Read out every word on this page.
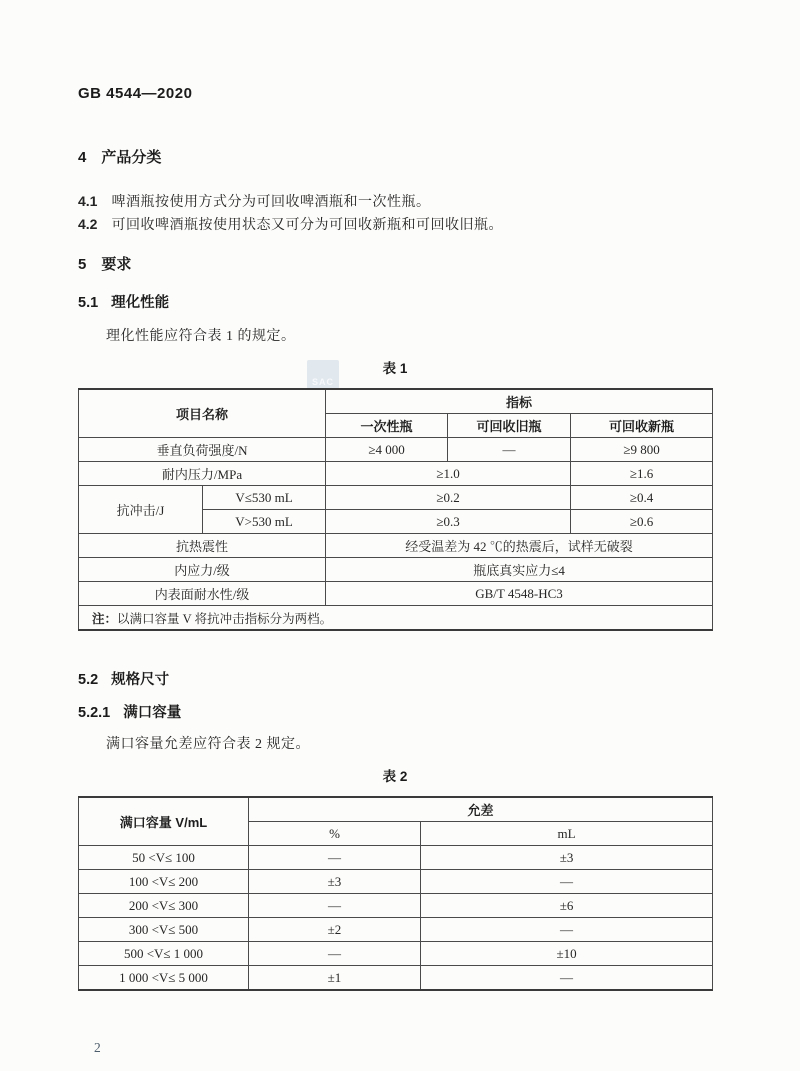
SAC
GB 4544—2020
4 产品分类
4.1 啤酒瓶按使用方式分为可回收啤酒瓶和一次性瓶。
4.2 可回收啤酒瓶按使用状态又可分为可回收新瓶和可回收旧瓶。
5 要求
5.1 理化性能
理化性能应符合表 1 的规定。
表 1
项目名称		指标		
		一次性瓶	可回收旧瓶	可回收新瓶
垂直负荷强度/N		≥4 000	—	≥9 800
耐内压力/MPa		≥1.0		≥1.6
抗冲击/J	V≤530 mL	≥0.2		≥0.4
	V>530 mL	≥0.3		≥0.6
抗热震性		经受温差为 42 ℃的热震后，试样无破裂		
内应力/级		瓶底真实应力≤4		
内表面耐水性/级		GB/T 4548-HC3		
注：以满口容量 V 将抗冲击指标分为两档。				
5.2 规格尺寸
5.2.1 满口容量
满口容量允差应符合表 2 规定。
表 2
满口容量 V/mL	允差	
	%	mL
50 <V≤ 100	—	±3
100 <V≤ 200	±3	—
200 <V≤ 300	—	±6
300 <V≤ 500	±2	—
500 <V≤ 1 000	—	±10
1 000 <V≤ 5 000	±1	—
2
